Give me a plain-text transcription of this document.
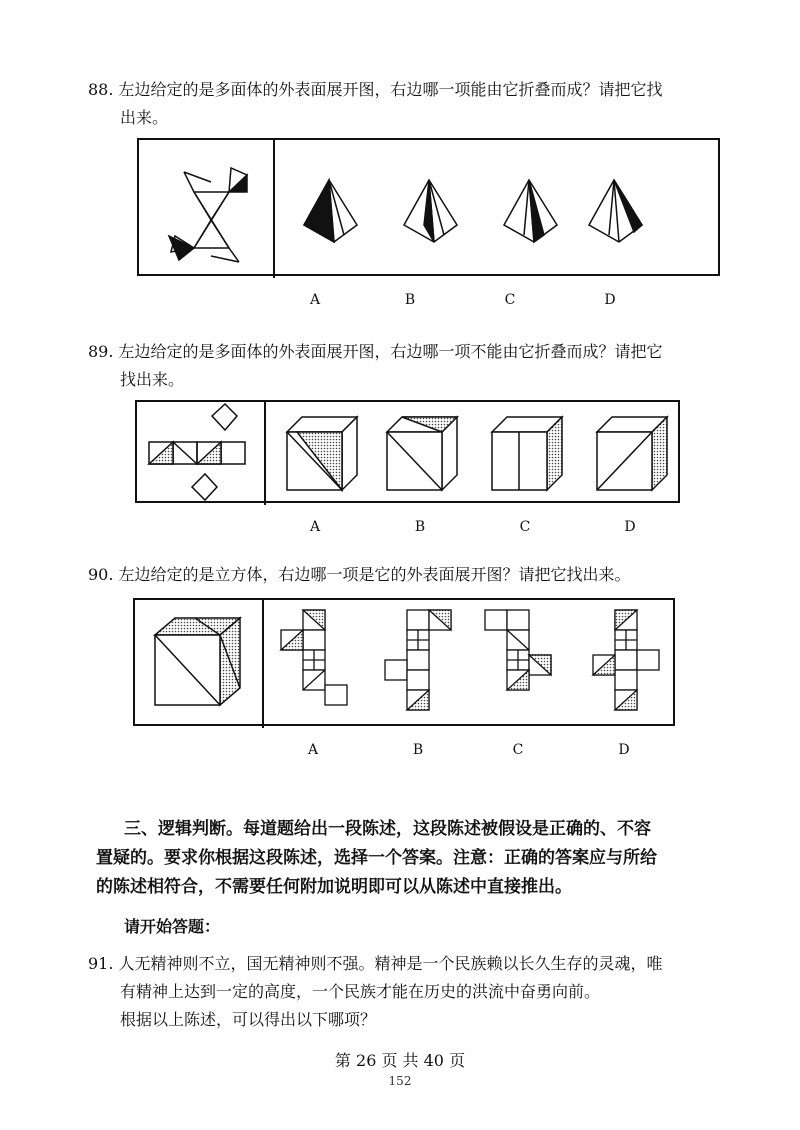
88. 左边给定的是多面体的外表面展开图，右边哪一项能由它折叠而成？请把它找
出来。
A	B	C	D
89. 左边给定的是多面体的外表面展开图，右边哪一项不能由它折叠而成？请把它
找出来。
A	B	C	D
90. 左边给定的是立方体，右边哪一项是它的外表面展开图？请把它找出来。
A	B	C	D
三、逻辑判断。每道题给出一段陈述，这段陈述被假设是正确的、不容
置疑的。要求你根据这段陈述，选择一个答案。注意：正确的答案应与所给
的陈述相符合，不需要任何附加说明即可以从陈述中直接推出。
请开始答题：
91. 人无精神则不立，国无精神则不强。精神是一个民族赖以长久生存的灵魂，唯
有精神上达到一定的高度，一个民族才能在历史的洪流中奋勇向前。
根据以上陈述，可以得出以下哪项？
第 26 页 共 40 页
152
